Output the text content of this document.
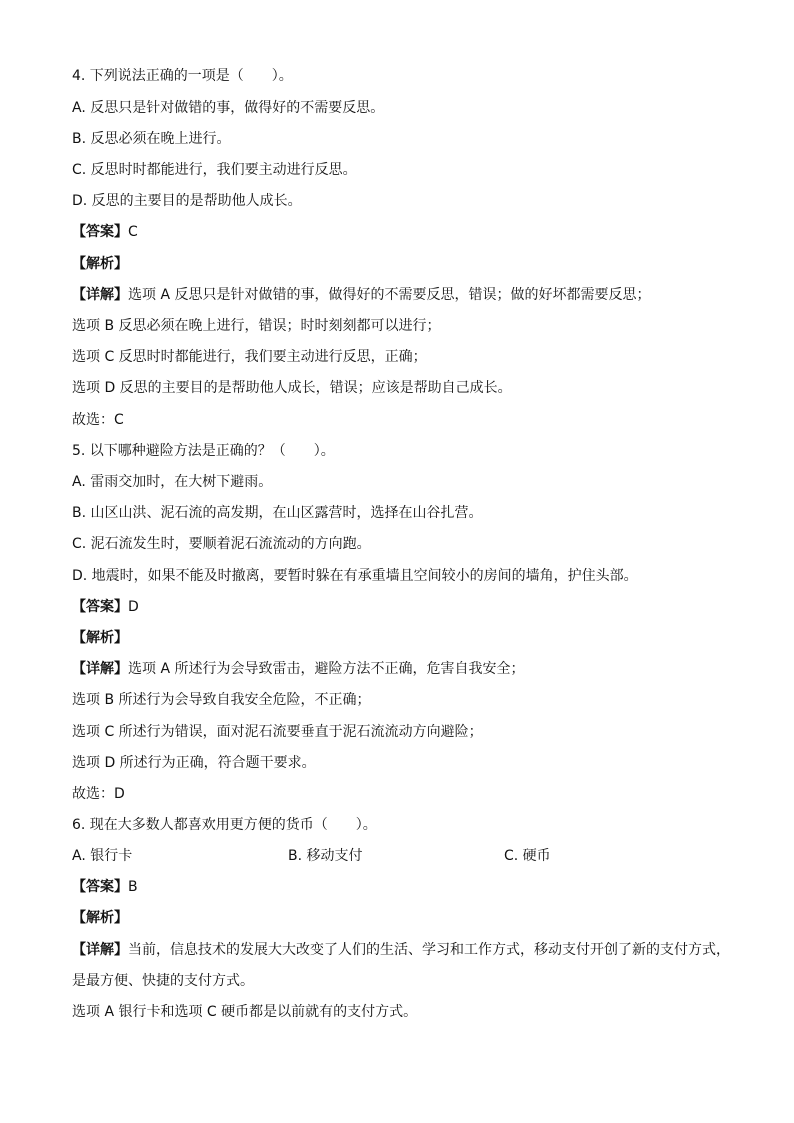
4. 下列说法正确的一项是（　　）。
A. 反思只是针对做错的事，做得好的不需要反思。
B. 反思必须在晚上进行。
C. 反思时时都能进行，我们要主动进行反思。
D. 反思的主要目的是帮助他人成长。
【答案】C
【解析】
【详解】选项 A 反思只是针对做错的事，做得好的不需要反思，错误；做的好坏都需要反思；
选项 B 反思必须在晚上进行，错误；时时刻刻都可以进行；
选项 C 反思时时都能进行，我们要主动进行反思，正确；
选项 D 反思的主要目的是帮助他人成长，错误；应该是帮助自己成长。
故选：C
5. 以下哪种避险方法是正确的？（　　）。
A. 雷雨交加时，在大树下避雨。
B. 山区山洪、泥石流的高发期，在山区露营时，选择在山谷扎营。
C. 泥石流发生时，要顺着泥石流流动的方向跑。
D. 地震时，如果不能及时撤离，要暂时躲在有承重墙且空间较小的房间的墙角，护住头部。
【答案】D
【解析】
【详解】选项 A 所述行为会导致雷击，避险方法不正确，危害自我安全；
选项 B 所述行为会导致自我安全危险，不正确；
选项 C 所述行为错误，面对泥石流要垂直于泥石流流动方向避险；
选项 D 所述行为正确，符合题干要求。
故选：D
6. 现在大多数人都喜欢用更方便的货币（　　）。
A. 银行卡	B. 移动支付	C. 硬币
【答案】B
【解析】
【详解】当前，信息技术的发展大大改变了人们的生活、学习和工作方式，移动支付开创了新的支付方式，
是最方便、快捷的支付方式。
选项 A 银行卡和选项 C 硬币都是以前就有的支付方式。
